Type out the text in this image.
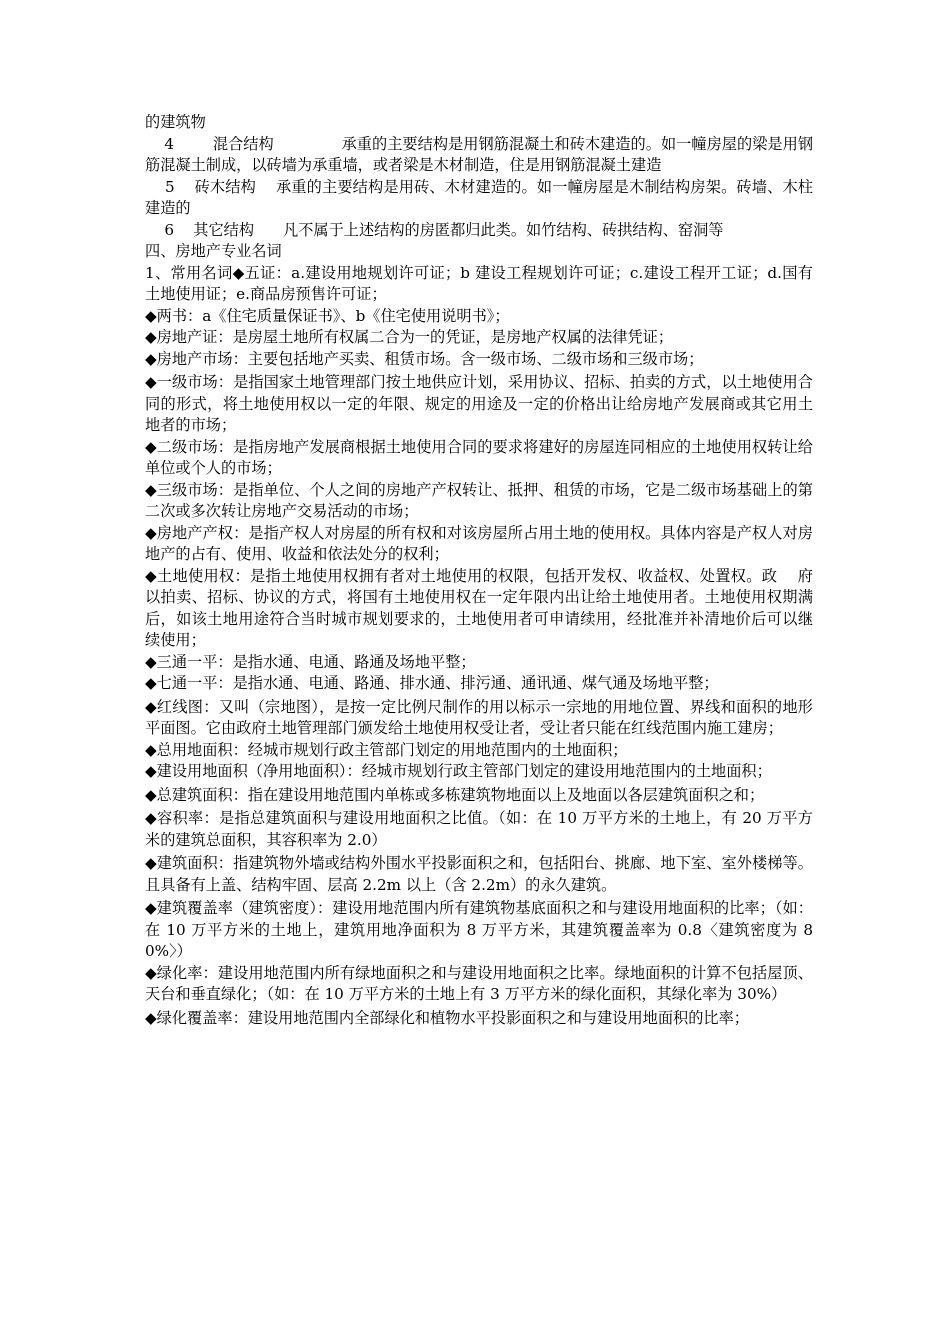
的建筑物

4        混合结构              承重的主要结构是用钢筋混凝土和砖木建造的。如一幢房屋的梁是用钢筋混凝土制成，以砖墙为承重墙，或者梁是木材制造，住是用钢筋混凝土建造

5    砖木结构    承重的主要结构是用砖、木材建造的。如一幢房屋是木制结构房架。砖墙、木柱建造的

6    其它结构      凡不属于上述结构的房匿都归此类。如竹结构、砖拱结构、窑洞等

四、房地产专业名词

1、常用名词◆五证：a.建设用地规划许可证；b 建设工程规划许可证；c.建设工程开工证；d.国有土地使用证；e.商品房预售许可证；

◆两书：a《住宅质量保证书》、b《住宅使用说明书》；

◆房地产证：是房屋土地所有权属二合为一的凭证，是房地产权属的法律凭证；

◆房地产市场：主要包括地产买卖、租赁市场。含一级市场、二级市场和三级市场；

◆一级市场：是指国家土地管理部门按土地供应计划，采用协议、招标、拍卖的方式，以土地使用合同的形式，将土地使用权以一定的年限、规定的用途及一定的价格出让给房地产发展商或其它用土地者的市场；

◆二级市场：是指房地产发展商根据土地使用合同的要求将建好的房屋连同相应的土地使用权转让给单位或个人的市场；

◆三级市场：是指单位、个人之间的房地产产权转让、抵押、租赁的市场，它是二级市场基础上的第二次或多次转让房地产交易活动的市场；

◆房地产产权：是指产权人对房屋的所有权和对该房屋所占用土地的使用权。具体内容是产权人对房地产的占有、使用、收益和依法处分的权利；

◆土地使用权：是指土地使用权拥有者对土地使用的权限，包括开发权、收益权、处置权。政    府以拍卖、招标、协议的方式，将国有土地使用权在一定年限内出让给土地使用者。土地使用权期满后，如该土地用途符合当时城市规划要求的，土地使用者可申请续用，经批准并补清地价后可以继续使用；

◆三通一平：是指水通、电通、路通及场地平整；

◆七通一平：是指水通、电通、路通、排水通、排污通、通讯通、煤气通及场地平整；

◆红线图：又叫（宗地图），是按一定比例尺制作的用以标示一宗地的用地位置、界线和面积的地形平面图。它由政府土地管理部门颁发给土地使用权受让者，受让者只能在红线范围内施工建房；

◆总用地面积：经城市规划行政主管部门划定的用地范围内的土地面积；

◆建设用地面积（净用地面积）：经城市规划行政主管部门划定的建设用地范围内的土地面积；

◆总建筑面积：指在建设用地范围内单栋或多栋建筑物地面以上及地面以各层建筑面积之和；

◆容积率：是指总建筑面积与建设用地面积之比值。（如：在 10 万平方米的土地上，有 20 万平方米的建筑总面积，其容积率为 2.0）

◆建筑面积：指建筑物外墙或结构外围水平投影面积之和，包括阳台、挑廊、地下室、室外楼梯等。且具备有上盖、结构牢固、层高 2.2m 以上（含 2.2m）的永久建筑。

◆建筑覆盖率（建筑密度）：建设用地范围内所有建筑物基底面积之和与建设用地面积的比率；（如：在 10 万平方米的土地上，建筑用地净面积为 8 万平方米，其建筑覆盖率为 0.8〈建筑密度为 80%〉）

◆绿化率：建设用地范围内所有绿地面积之和与建设用地面积之比率。绿地面积的计算不包括屋顶、天台和垂直绿化；（如：在 10 万平方米的土地上有 3 万平方米的绿化面积，其绿化率为 30%）

◆绿化覆盖率：建设用地范围内全部绿化和植物水平投影面积之和与建设用地面积的比率；
